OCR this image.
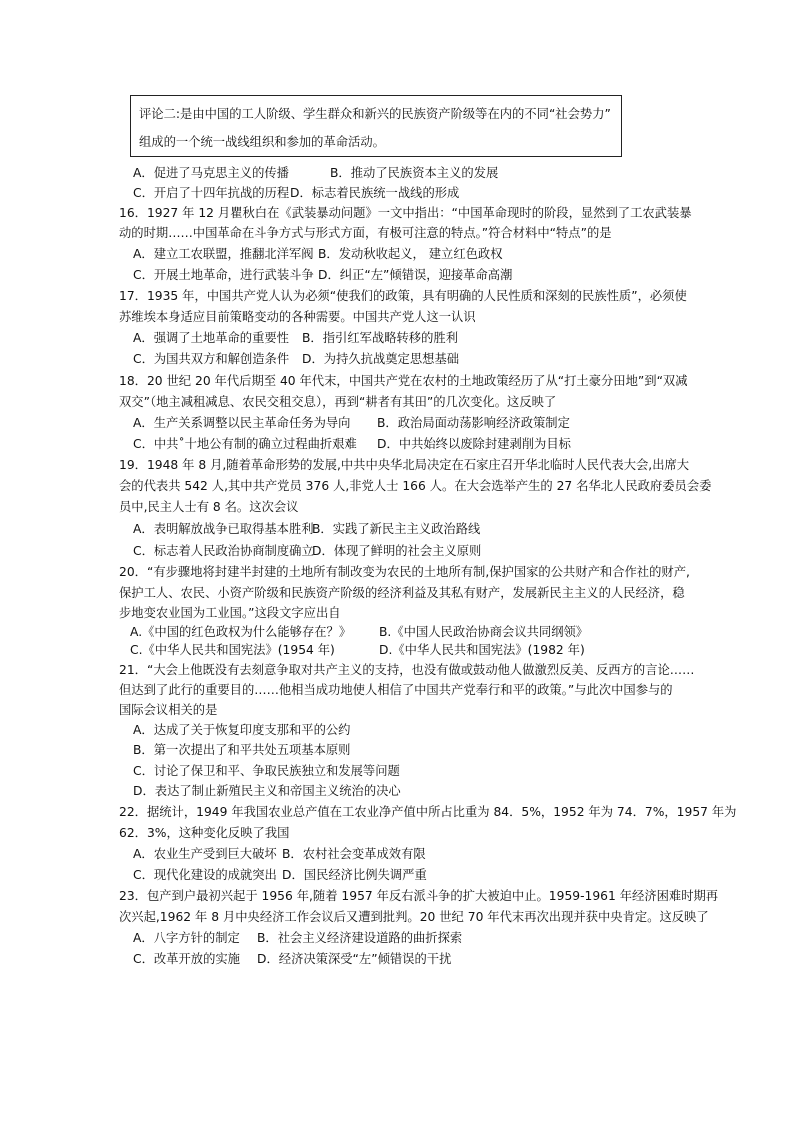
评论二:是由中国的工人阶级、学生群众和新兴的民族资产阶级等在内的不同“社会势力”
组成的一个统一战线组织和参加的革命活动。
A．促进了马克思主义的传播	B．推动了民族资本主义的发展
C．开启了十四年抗战的历程 D．标志着民族统一战线的形成
16．1927 年 12 月瞿秋白在《武装暴动问题》一文中指出：“中国革命现时的阶段，显然到了工农武装暴
动的时期……中国革命在斗争方式与形式方面，有极可注意的特点。”符合材料中“特点”的是
A．建立工农联盟，推翻北洋军阀 B．发动秋收起义， 建立红色政权
C．开展土地革命，进行武装斗争 D．纠正“左”倾错误，迎接革命高潮
17．1935 年，中国共产党人认为必须“使我们的政策，具有明确的人民性质和深刻的民族性质”，必须使
苏维埃本身适应目前策略变动的各种需要。中国共产党人这一认识
A．强调了土地革命的重要性 B．指引红军战略转移的胜利
C．为国共双方和解创造条件 D．为持久抗战奠定思想基础
18．20 世纪 20 年代后期至 40 年代末，中国共产党在农村的土地政策经历了从“打土豪分田地”到“双减
双交”（地主减租减息、农民交租交息），再到“耕者有其田”的几次变化。这反映了
A．生产关系调整以民主革命任务为导向 B．政治局面动荡影响经济政策制定
C．中共˚十地公有制的确立过程曲折艰难 D．中共始终以废除封建剥削为目标
19．1948 年 8 月,随着革命形势的发展,中共中央华北局决定在石家庄召开华北临时人民代表大会,出席大
会的代表共 542 人,其中共产党员 376 人,非党人士 166 人。在大会选举产生的 27 名华北人民政府委员会委
员中,民主人士有 8 名。这次会议
A．表明解放战争已取得基本胜利
B．实践了新民主主义政治路线
C．标志着人民政治协商制度确立
D．体现了鲜明的社会主义原则
20．“有步骤地将封建半封建的土地所有制改变为农民的土地所有制,保护国家的公共财产和合作社的财产,
保护工人、农民、小资产阶级和民族资产阶级的经济利益及其私有财产，发展新民主主义的人民经济，稳
步地变农业国为工业国。”这段文字应出自
A.《中国的红色政权为什么能够存在？》 B.《中国人民政治协商会议共同纲领》
C.《中华人民共和国宪法》(1954 年)	D.《中华人民共和国宪法》(1982 年)
21．“大会上他既没有去刻意争取对共产主义的支持，也没有做或鼓动他人做激烈反美、反西方的言论……
但达到了此行的重要目的……他相当成功地使人相信了中国共产党奉行和平的政策。”与此次中国参与的
国际会议相关的是
A．达成了关于恢复印度支那和平的公约
B．第一次提出了和平共处五项基本原则
C．讨论了保卫和平、争取民族独立和发展等问题
D．表达了制止新殖民主义和帝国主义统治的决心
22．据统计，1949 年我国农业总产值在工农业净产值中所占比重为 84．5%，1952 年为 74．7%，1957 年为
62．3%，这种变化反映了我国
A．农业生产受到巨大破坏 B．农村社会变革成效有限
C．现代化建设的成就突出 D．国民经济比例失调严重
23．包产到户最初兴起于 1956 年,随着 1957 年反右派斗争的扩大被迫中止。1959-1961 年经济困难时期再
次兴起,1962 年 8 月中央经济工作会议后又遭到批判。20 世纪 70 年代末再次出现并获中央肯定。这反映了
A．八字方针的制定 B．社会主义经济建设道路的曲折探索
C．改革开放的实施 D．经济决策深受“左”倾错误的干扰
